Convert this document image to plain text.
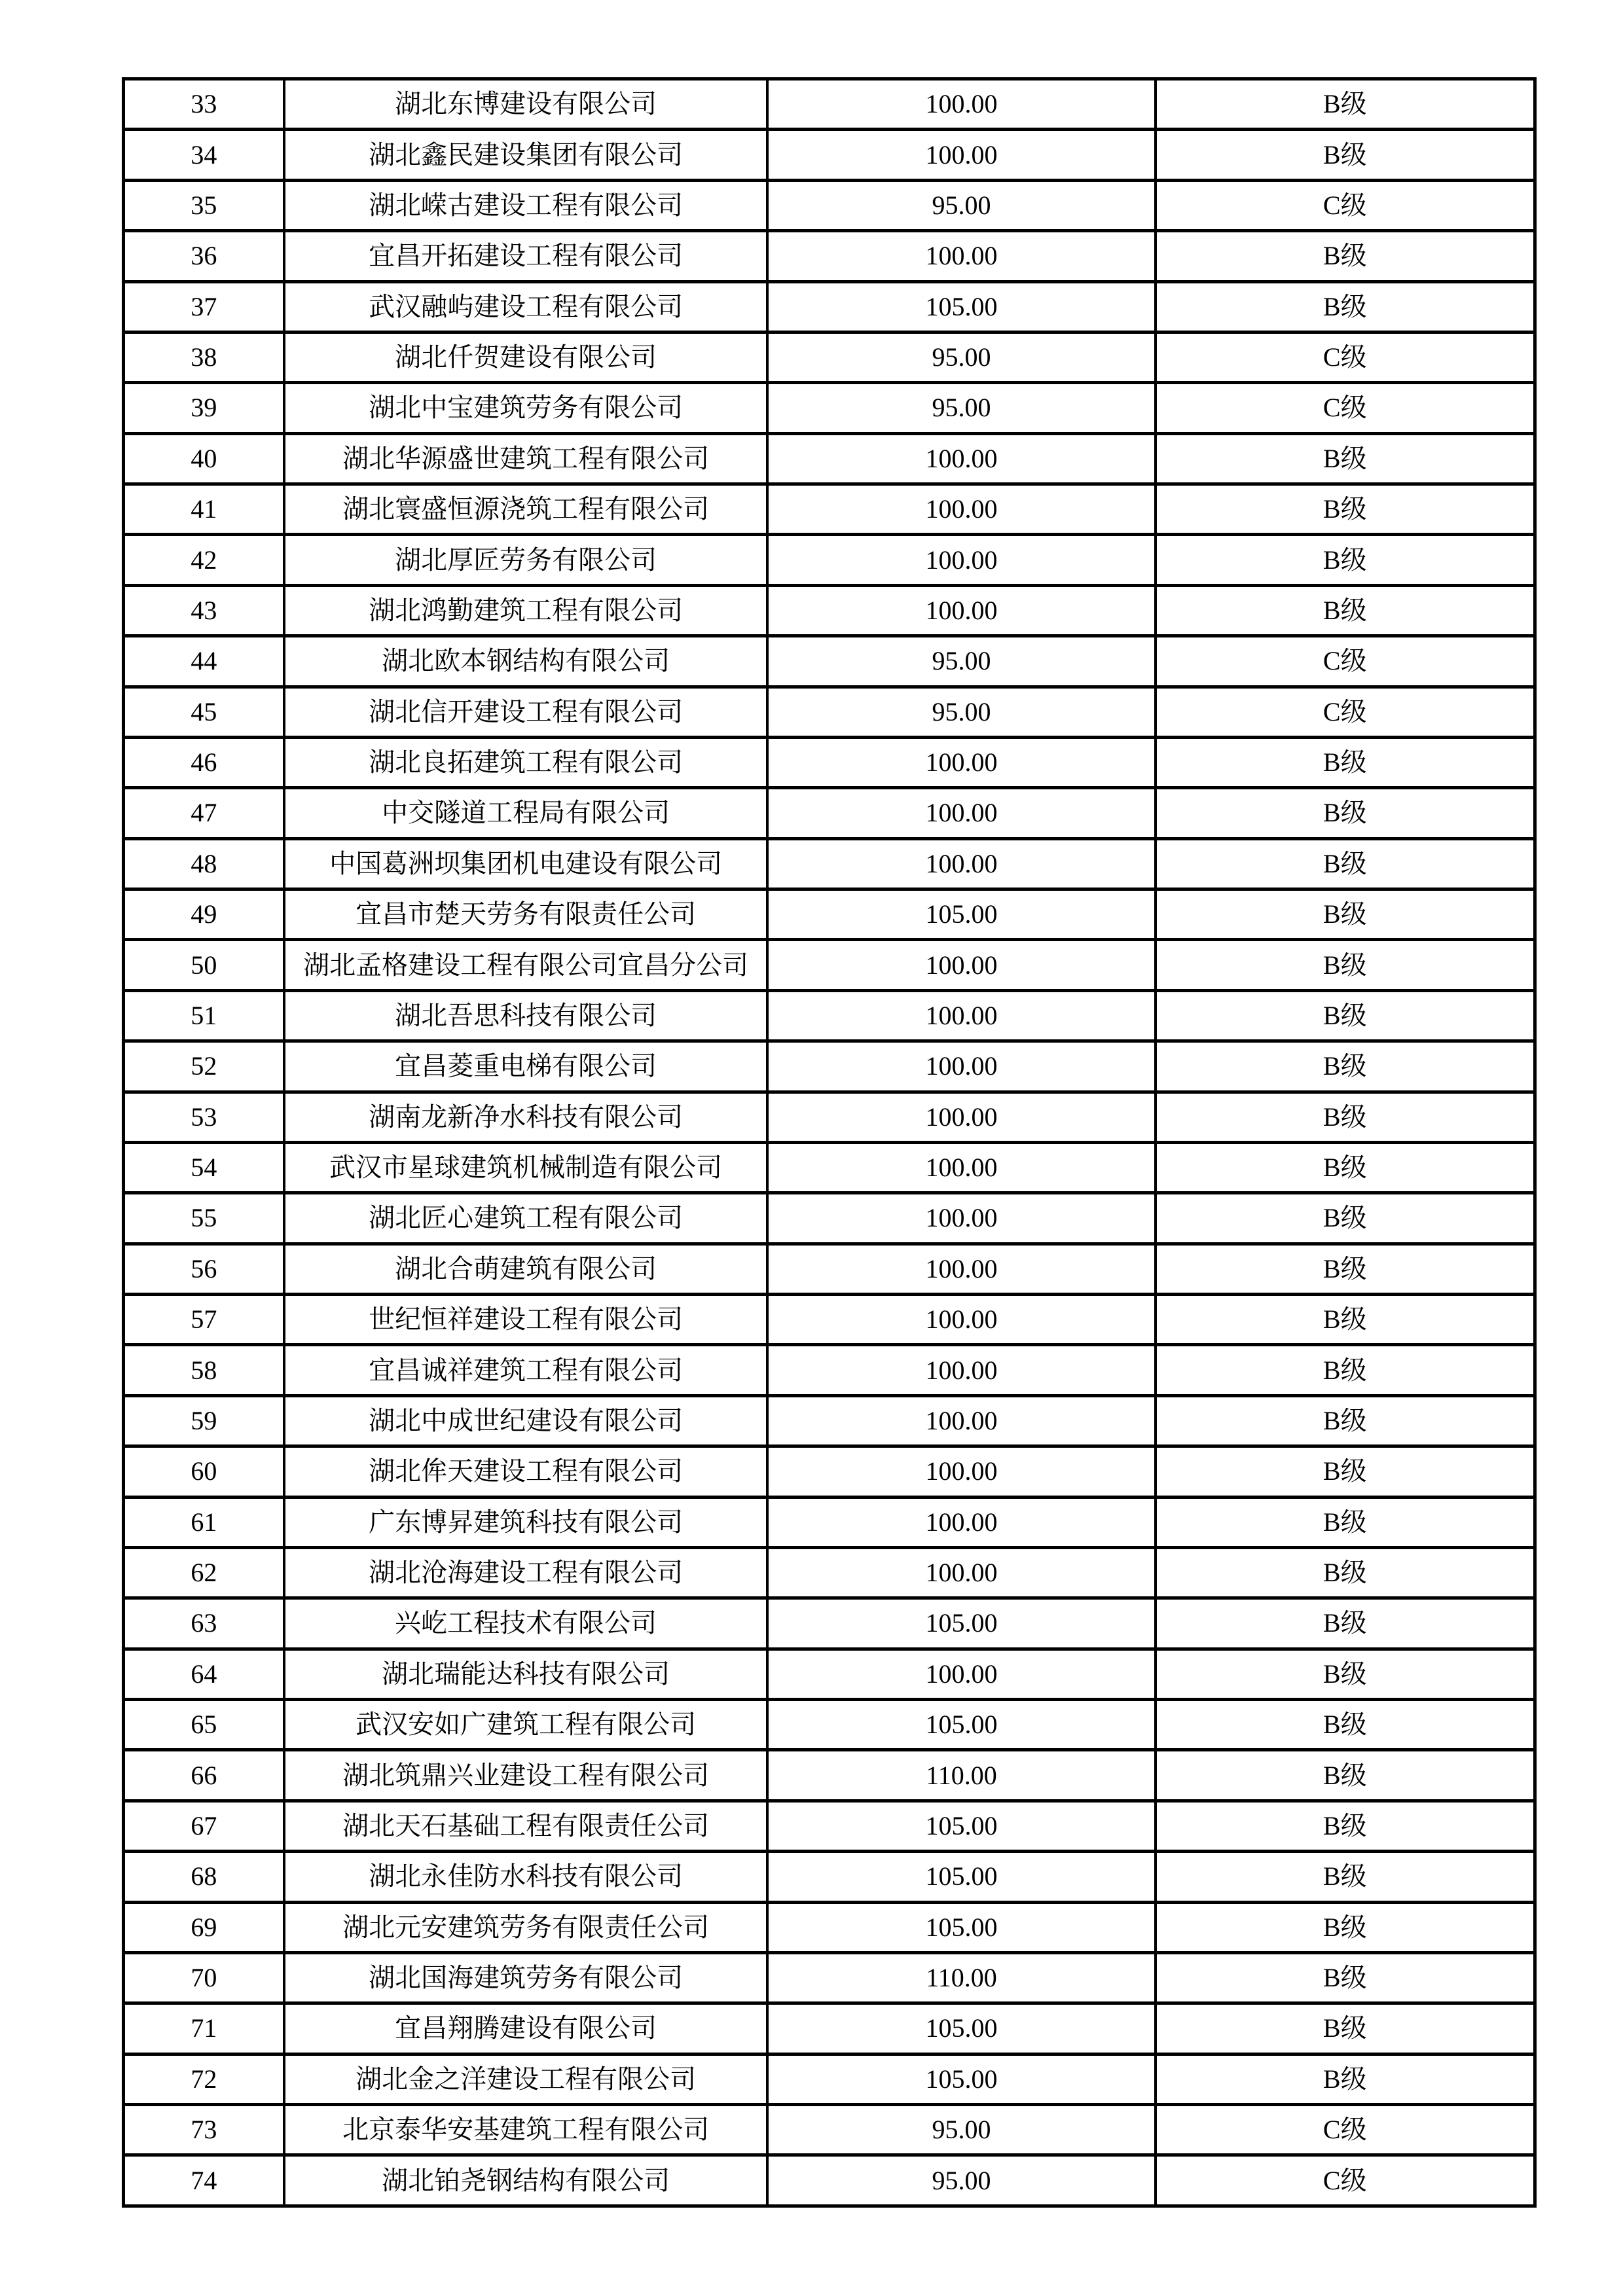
33	湖北东博建设有限公司	100.00	B级
34	湖北鑫民建设集团有限公司	100.00	B级
35	湖北嵘古建设工程有限公司	95.00	C级
36	宜昌开拓建设工程有限公司	100.00	B级
37	武汉融屿建设工程有限公司	105.00	B级
38	湖北仟贺建设有限公司	95.00	C级
39	湖北中宝建筑劳务有限公司	95.00	C级
40	湖北华源盛世建筑工程有限公司	100.00	B级
41	湖北寰盛恒源浇筑工程有限公司	100.00	B级
42	湖北厚匠劳务有限公司	100.00	B级
43	湖北鸿勤建筑工程有限公司	100.00	B级
44	湖北欧本钢结构有限公司	95.00	C级
45	湖北信开建设工程有限公司	95.00	C级
46	湖北良拓建筑工程有限公司	100.00	B级
47	中交隧道工程局有限公司	100.00	B级
48	中国葛洲坝集团机电建设有限公司	100.00	B级
49	宜昌市楚天劳务有限责任公司	105.00	B级
50	湖北孟格建设工程有限公司宜昌分公司	100.00	B级
51	湖北吾思科技有限公司	100.00	B级
52	宜昌菱重电梯有限公司	100.00	B级
53	湖南龙新净水科技有限公司	100.00	B级
54	武汉市星球建筑机械制造有限公司	100.00	B级
55	湖北匠心建筑工程有限公司	100.00	B级
56	湖北合萌建筑有限公司	100.00	B级
57	世纪恒祥建设工程有限公司	100.00	B级
58	宜昌诚祥建筑工程有限公司	100.00	B级
59	湖北中成世纪建设有限公司	100.00	B级
60	湖北侔天建设工程有限公司	100.00	B级
61	广东博昇建筑科技有限公司	100.00	B级
62	湖北沧海建设工程有限公司	100.00	B级
63	兴屹工程技术有限公司	105.00	B级
64	湖北瑞能达科技有限公司	100.00	B级
65	武汉安如广建筑工程有限公司	105.00	B级
66	湖北筑鼎兴业建设工程有限公司	110.00	B级
67	湖北天石基础工程有限责任公司	105.00	B级
68	湖北永佳防水科技有限公司	105.00	B级
69	湖北元安建筑劳务有限责任公司	105.00	B级
70	湖北国海建筑劳务有限公司	110.00	B级
71	宜昌翔腾建设有限公司	105.00	B级
72	湖北金之洋建设工程有限公司	105.00	B级
73	北京泰华安基建筑工程有限公司	95.00	C级
74	湖北铂尧钢结构有限公司	95.00	C级
